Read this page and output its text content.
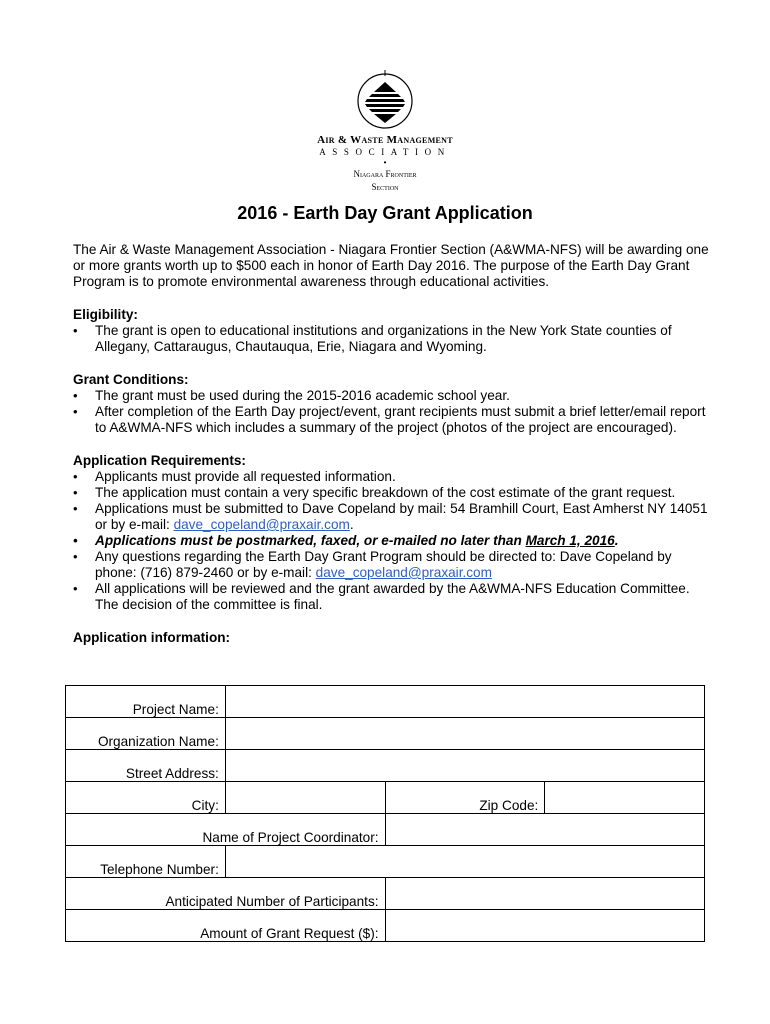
Air & Waste Management
ASSOCIATION
•
Niagara Frontier
Section
2016 - Earth Day Grant Application

The Air & Waste Management Association - Niagara Frontier Section (A&WMA-NFS) will be awarding one or more grants worth up to $500 each in honor of Earth Day 2016. The purpose of the Earth Day Grant Program is to promote environmental awareness through educational activities.

Eligibility:

• The grant is open to educational institutions and organizations in the New York State counties of Allegany, Cattaraugus, Chautauqua, Erie, Niagara and Wyoming.

Grant Conditions:

• The grant must be used during the 2015-2016 academic school year.
• After completion of the Earth Day project/event, grant recipients must submit a brief letter/email report to A&WMA-NFS which includes a summary of the project (photos of the project are encouraged).

Application Requirements:

• Applicants must provide all requested information.
• The application must contain a very specific breakdown of the cost estimate of the grant request.
• Applications must be submitted to Dave Copeland by mail: 54 Bramhill Court, East Amherst NY 14051 or by e-mail: dave_copeland@praxair.com.
• Applications must be postmarked, faxed, or e-mailed no later than March 1, 2016.
• Any questions regarding the Earth Day Grant Program should be directed to: Dave Copeland by phone: (716) 879-2460 or by e-mail: dave_copeland@praxair.com
• All applications will be reviewed and the grant awarded by the A&WMA-NFS Education Committee. The decision of the committee is final.

Application information:

Project Name:			
Organization Name:			
Street Address:			
City:		Zip Code:	
Name of Project Coordinator:			
Telephone Number:			
Anticipated Number of Participants:			
Amount of Grant Request ($):			
